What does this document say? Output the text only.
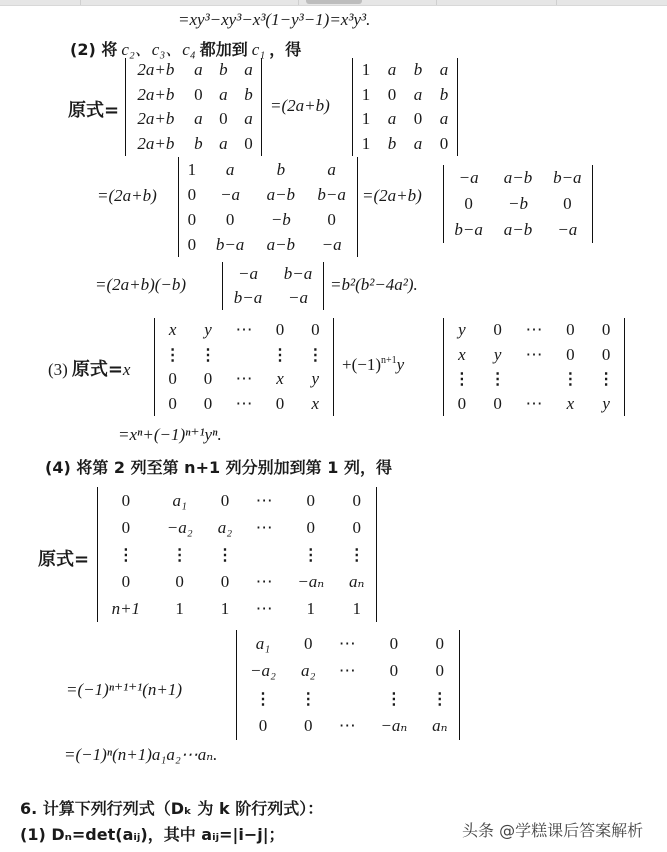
=xy³−xy³−x³(1−y³−1)=x³y³.
(2) 将 c₂、c₃、c₄ 都加到 c₁ ，得
原式=
2a+b	a	b	a
2a+b	0	a	b
2a+b	a	0	a
2a+b	b	a	0
=(2a+b)
1	a	b	a
1	0	a	b
1	a	0	a
1	b	a	0
=(2a+b)
1	a	b	a
0	−a	a−b	b−a
0	0	−b	0
0	b−a	a−b	−a
=(2a+b)
−a	a−b	b−a
0	−b	0
b−a	a−b	−a
=(2a+b)(−b)
−a	b−a
b−a	−a
=b²(b²−4a²).
(3) 原式=x
x	y	⋯	0	0
⋮	⋮		⋮	⋮
0	0	⋯	x	y
0	0	⋯	0	x
$+(-1)^{n+1}y$
y	0	⋯	0	0
x	y	⋯	0	0
⋮	⋮		⋮	⋮
0	0	⋯	x	y
=xⁿ+(−1)ⁿ⁺¹yⁿ.
(4) 将第 2 列至第 n+1 列分别加到第 1 列，得
原式=
0	a₁	0	⋯	0	0
0	−a₂	a₂	⋯	0	0
⋮	⋮	⋮		⋮	⋮
0	0	0	⋯	−aₙ	aₙ
n+1	1	1	⋯	1	1
=(−1)ⁿ⁺¹⁺¹(n+1)
a₁	0	⋯	0	0
−a₂	a₂	⋯	0	0
⋮	⋮		⋮	⋮
0	0	⋯	−aₙ	aₙ
=(−1)ⁿ(n+1)a₁a₂⋯aₙ.
6. 计算下列行列式（Dₖ 为 k 阶行列式）：
(1) Dₙ=det(aᵢⱼ)，其中 aᵢⱼ=|i−j|；	头条 @学糕课后答案解析
